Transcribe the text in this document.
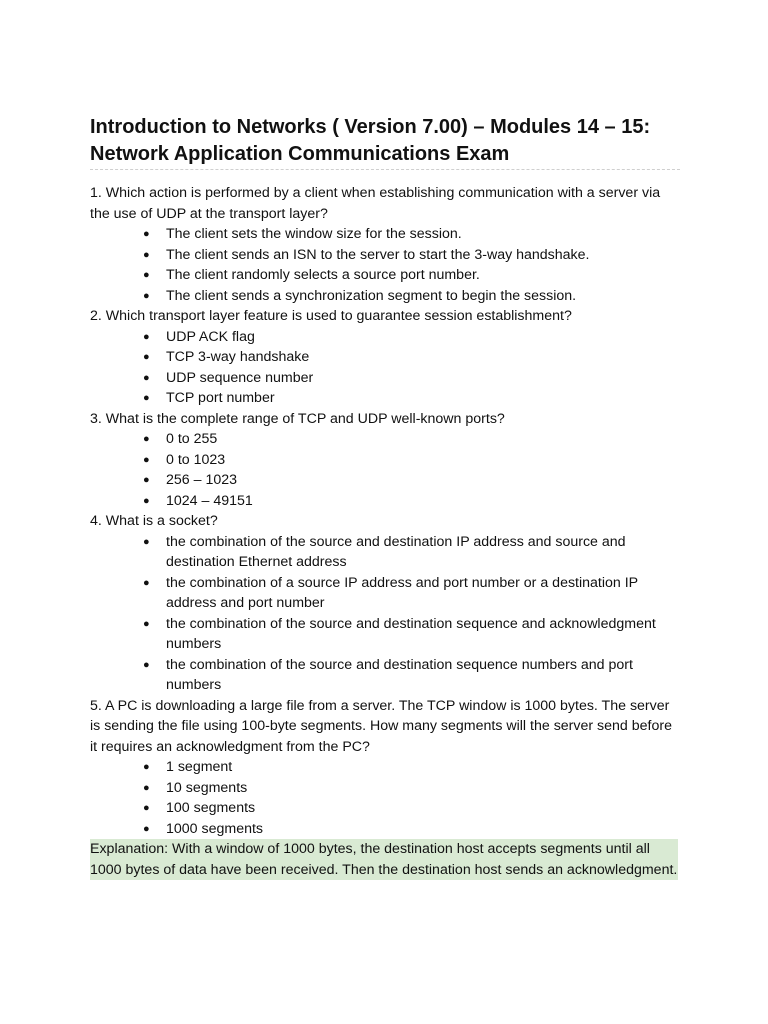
Introduction to Networks ( Version 7.00) – Modules 14 – 15: Network Application Communications Exam

1. Which action is performed by a client when establishing communication with a server via the use of UDP at the transport layer?

● The client sets the window size for the session.
● The client sends an ISN to the server to start the 3-way handshake.
● The client randomly selects a source port number.
● The client sends a synchronization segment to begin the session.

2. Which transport layer feature is used to guarantee session establishment?

● UDP ACK flag
● TCP 3-way handshake
● UDP sequence number
● TCP port number

3. What is the complete range of TCP and UDP well-known ports?

● 0 to 255
● 0 to 1023
● 256 – 1023
● 1024 – 49151

4. What is a socket?

● the combination of the source and destination IP address and source and destination Ethernet address
● the combination of a source IP address and port number or a destination IP address and port number
● the combination of the source and destination sequence and acknowledgment numbers
● the combination of the source and destination sequence numbers and port numbers

5. A PC is downloading a large file from a server. The TCP window is 1000 bytes. The server is sending the file using 100-byte segments. How many segments will the server send before it requires an acknowledgment from the PC?

● 1 segment
● 10 segments
● 100 segments
● 1000 segments

Explanation: With a window of 1000 bytes, the destination host accepts segments until all 1000 bytes of data have been received. Then the destination host sends an acknowledgment.
